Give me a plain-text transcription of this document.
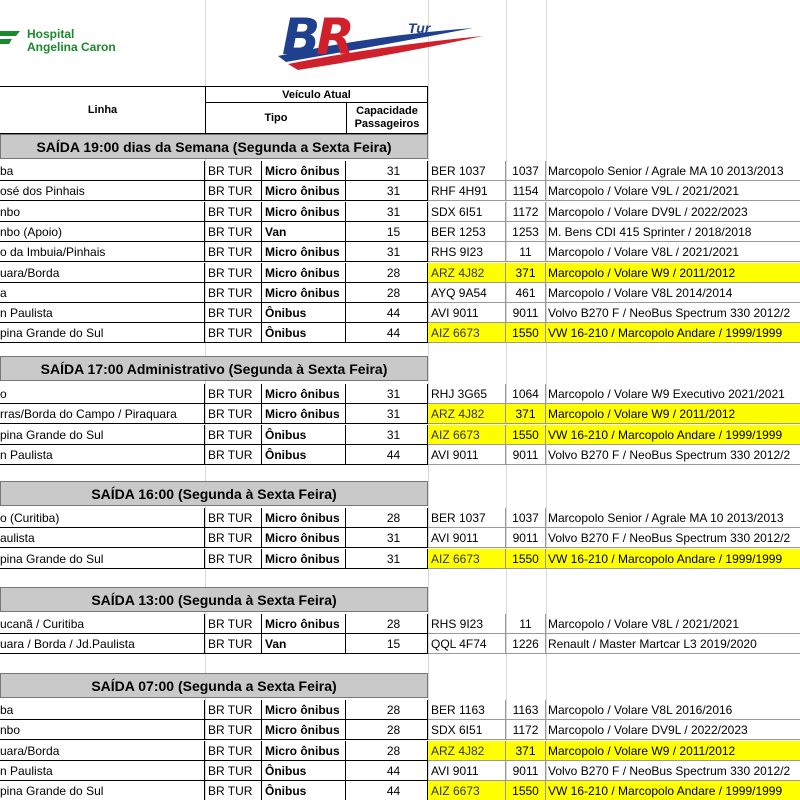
Hospital
Angelina Caron	BR	Tur
Linha
Veículo Atual
Tipo
Capacidade Passageiros
SAÍDA 19:00 dias da Semana (Segunda a Sexta Feira)
ba	BR TUR	Micro ônibus	31	BER 1037	1037 Marcopolo Senior / Agrale MA 10 2013/2013
osé dos Pinhais	BR TUR	Micro ônibus	31	RHF 4H91	1154 Marcopolo / Volare V9L / 2021/2021
nbo	BR TUR	Micro ônibus	31	SDX 6I51	1172 Marcopolo / Volare DV9L / 2022/2023
nbo (Apoio)	BR TUR	Van	15	BER 1253	1253 M. Bens CDI 415 Sprinter / 2018/2018
o da Imbuia/Pinhais	BR TUR	Micro ônibus	31	RHS 9I23	11	Marcopolo / Volare V8L / 2021/2021
uara/Borda	BR TUR	Micro ônibus	28	ARZ 4J82	371	Marcopolo / Volare W9 / 2011/2012
a	BR TUR	Micro ônibus	28	AYQ 9A54	461	Marcopolo / Volare V8L 2014/2014
n Paulista	BR TUR	Ônibus	44	AVI 9011	9011 Volvo B270 F / NeoBus Spectrum 330 2012/2
pina Grande do Sul	BR TUR	Ônibus	44	AIZ 6673	1550 VW 16-210 / Marcopolo Andare / 1999/1999
SAÍDA 17:00 Administrativo (Segunda à Sexta Feira)
o	BR TUR	Micro ônibus	31	RHJ 3G65	1064 Marcopolo / Volare W9 Executivo 2021/2021
rras/Borda do Campo / Piraquara	BR TUR	Micro ônibus	31	ARZ 4J82	371	Marcopolo / Volare W9 / 2011/2012
pina Grande do Sul	BR TUR	Ônibus	31	AIZ 6673	1550 VW 16-210 / Marcopolo Andare / 1999/1999
n Paulista	BR TUR	Ônibus	44	AVI 9011	9011 Volvo B270 F / NeoBus Spectrum 330 2012/2
SAÍDA 16:00 (Segunda à Sexta Feira)
o (Curitiba)	BR TUR	Micro ônibus	28	BER 1037	1037 Marcopolo Senior / Agrale MA 10 2013/2013
aulista	BR TUR	Micro ônibus	31	AVI 9011	9011 Volvo B270 F / NeoBus Spectrum 330 2012/2
pina Grande do Sul	BR TUR	Micro ônibus	31	AIZ 6673	1550 VW 16-210 / Marcopolo Andare / 1999/1999
SAÍDA 13:00 (Segunda à Sexta Feira)
ucanã / Curitiba	BR TUR	Micro ônibus	28	RHS 9I23	11	Marcopolo / Volare V8L / 2021/2021
uara / Borda / Jd.Paulista	BR TUR	Van	15	QQL 4F74	1226 Renault / Master Martcar L3 2019/2020
SAÍDA 07:00 (Segunda a Sexta Feira)
ba	BR TUR	Micro ônibus	28	BER 1163	1163 Marcopolo / Volare V8L 2016/2016
nbo	BR TUR	Micro ônibus	28	SDX 6I51	1172 Marcopolo / Volare DV9L / 2022/2023
uara/Borda	BR TUR	Micro ônibus	28	ARZ 4J82	371	Marcopolo / Volare W9 / 2011/2012
n Paulista	BR TUR	Ônibus	44	AVI 9011	9011 Volvo B270 F / NeoBus Spectrum 330 2012/2
pina Grande do Sul	BR TUR	Ônibus	44	AIZ 6673	1550 VW 16-210 / Marcopolo Andare / 1999/1999
